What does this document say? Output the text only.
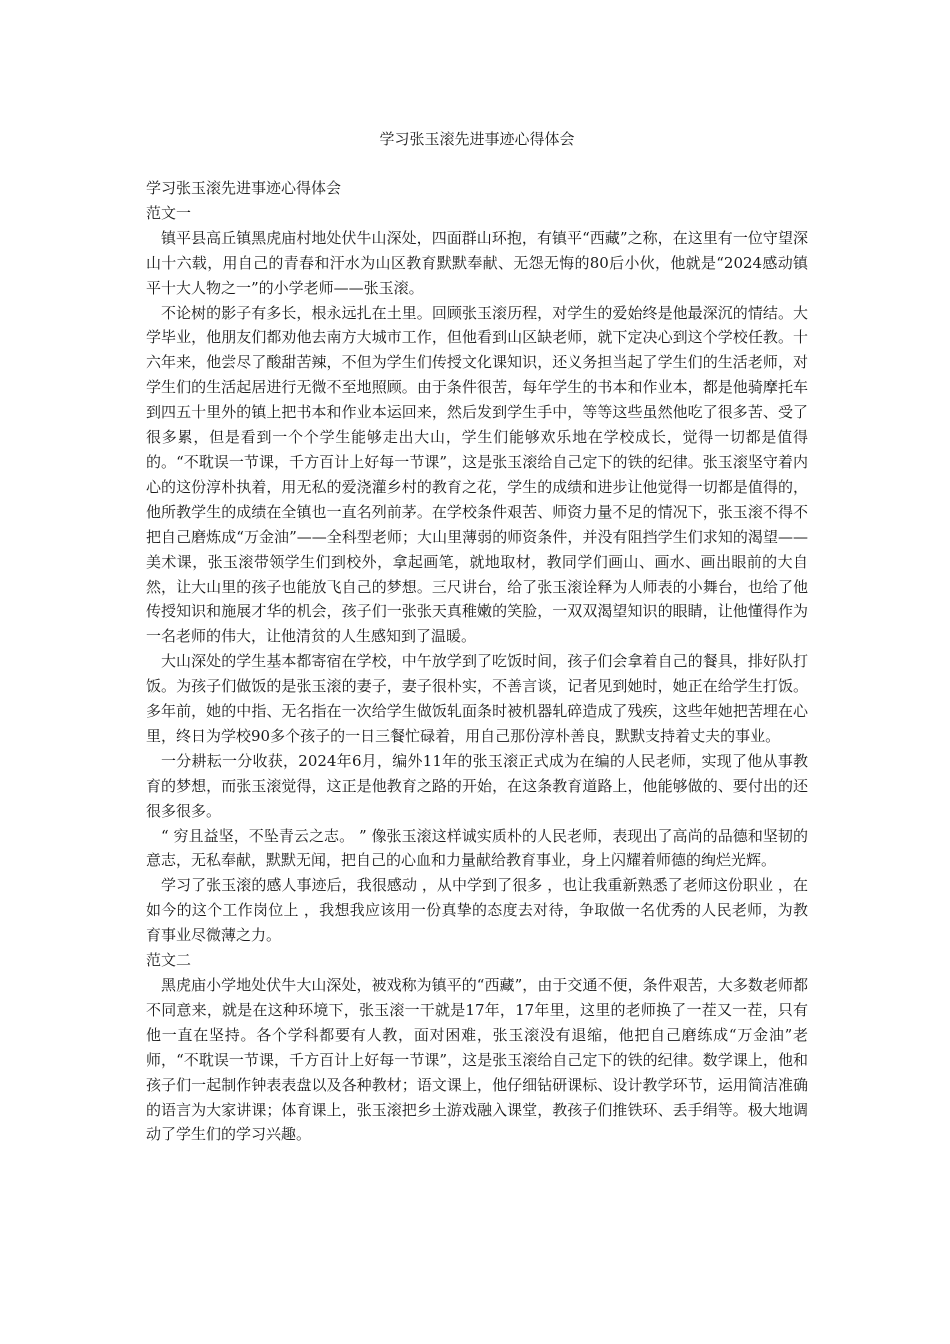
学习张玉滚先进事迹心得体会

学习张玉滚先进事迹心得体会

范文一

镇平县高丘镇黑虎庙村地处伏牛山深处，四面群山环抱，有镇平“西藏”之称，在这里有一位守望深山十六载，用自己的青春和汗水为山区教育默默奉献、无怨无悔的80后小伙，他就是“2024感动镇平十大人物之一”的小学老师——张玉滚。

不论树的影子有多长，根永远扎在土里。回顾张玉滚历程，对学生的爱始终是他最深沉的情结。大学毕业，他朋友们都劝他去南方大城市工作，但他看到山区缺老师，就下定决心到这个学校任教。十六年来，他尝尽了酸甜苦辣，不但为学生们传授文化课知识，还义务担当起了学生们的生活老师，对学生们的生活起居进行无微不至地照顾。由于条件很苦，每年学生的书本和作业本，都是他骑摩托车到四五十里外的镇上把书本和作业本运回来，然后发到学生手中，等等这些虽然他吃了很多苦、受了很多累，但是看到一个个学生能够走出大山，学生们能够欢乐地在学校成长，觉得一切都是值得的。“不耽误一节课，千方百计上好每一节课”，这是张玉滚给自己定下的铁的纪律。张玉滚坚守着内心的这份淳朴执着，用无私的爱浇灌乡村的教育之花，学生的成绩和进步让他觉得一切都是值得的，他所教学生的成绩在全镇也一直名列前茅。在学校条件艰苦、师资力量不足的情况下，张玉滚不得不把自己磨炼成“万金油”——全科型老师；大山里薄弱的师资条件，并没有阻挡学生们求知的渴望——美术课，张玉滚带领学生们到校外，拿起画笔，就地取材，教同学们画山、画水、画出眼前的大自然，让大山里的孩子也能放飞自己的梦想。三尺讲台，给了张玉滚诠释为人师表的小舞台，也给了他传授知识和施展才华的机会，孩子们一张张天真稚嫩的笑脸，一双双渴望知识的眼睛，让他懂得作为一名老师的伟大，让他清贫的人生感知到了温暖。

大山深处的学生基本都寄宿在学校，中午放学到了吃饭时间，孩子们会拿着自己的餐具，排好队打饭。为孩子们做饭的是张玉滚的妻子，妻子很朴实，不善言谈，记者见到她时，她正在给学生打饭。多年前，她的中指、无名指在一次给学生做饭轧面条时被机器轧碎造成了残疾，这些年她把苦埋在心里，终日为学校90多个孩子的一日三餐忙碌着，用自己那份淳朴善良，默默支持着丈夫的事业。

一分耕耘一分收获，2024年6月，编外11年的张玉滚正式成为在编的人民老师，实现了他从事教育的梦想，而张玉滚觉得，这正是他教育之路的开始，在这条教育道路上，他能够做的、要付出的还很多很多。

“ 穷且益坚，不坠青云之志。 ” 像张玉滚这样诚实质朴的人民老师，表现出了高尚的品德和坚韧的意志，无私奉献，默默无闻，把自己的心血和力量献给教育事业，身上闪耀着师德的绚烂光辉。

学习了张玉滚的感人事迹后，我很感动 ，从中学到了很多 ，也让我重新熟悉了老师这份职业 ，在如今的这个工作岗位上 ，我想我应该用一份真挚的态度去对待，争取做一名优秀的人民老师，为教育事业尽微薄之力。

范文二

黑虎庙小学地处伏牛大山深处，被戏称为镇平的“西藏”，由于交通不便，条件艰苦，大多数老师都不同意来，就是在这种环境下，张玉滚一干就是17年，17年里，这里的老师换了一茬又一茬，只有他一直在坚持。各个学科都要有人教，面对困难，张玉滚没有退缩，他把自己磨练成“万金油”老师，“不耽误一节课，千方百计上好每一节课”，这是张玉滚给自己定下的铁的纪律。数学课上，他和孩子们一起制作钟表表盘以及各种教材；语文课上，他仔细钻研课标、设计教学环节，运用简洁准确的语言为大家讲课；体育课上，张玉滚把乡土游戏融入课堂，教孩子们推铁环、丢手绢等。极大地调动了学生们的学习兴趣。
